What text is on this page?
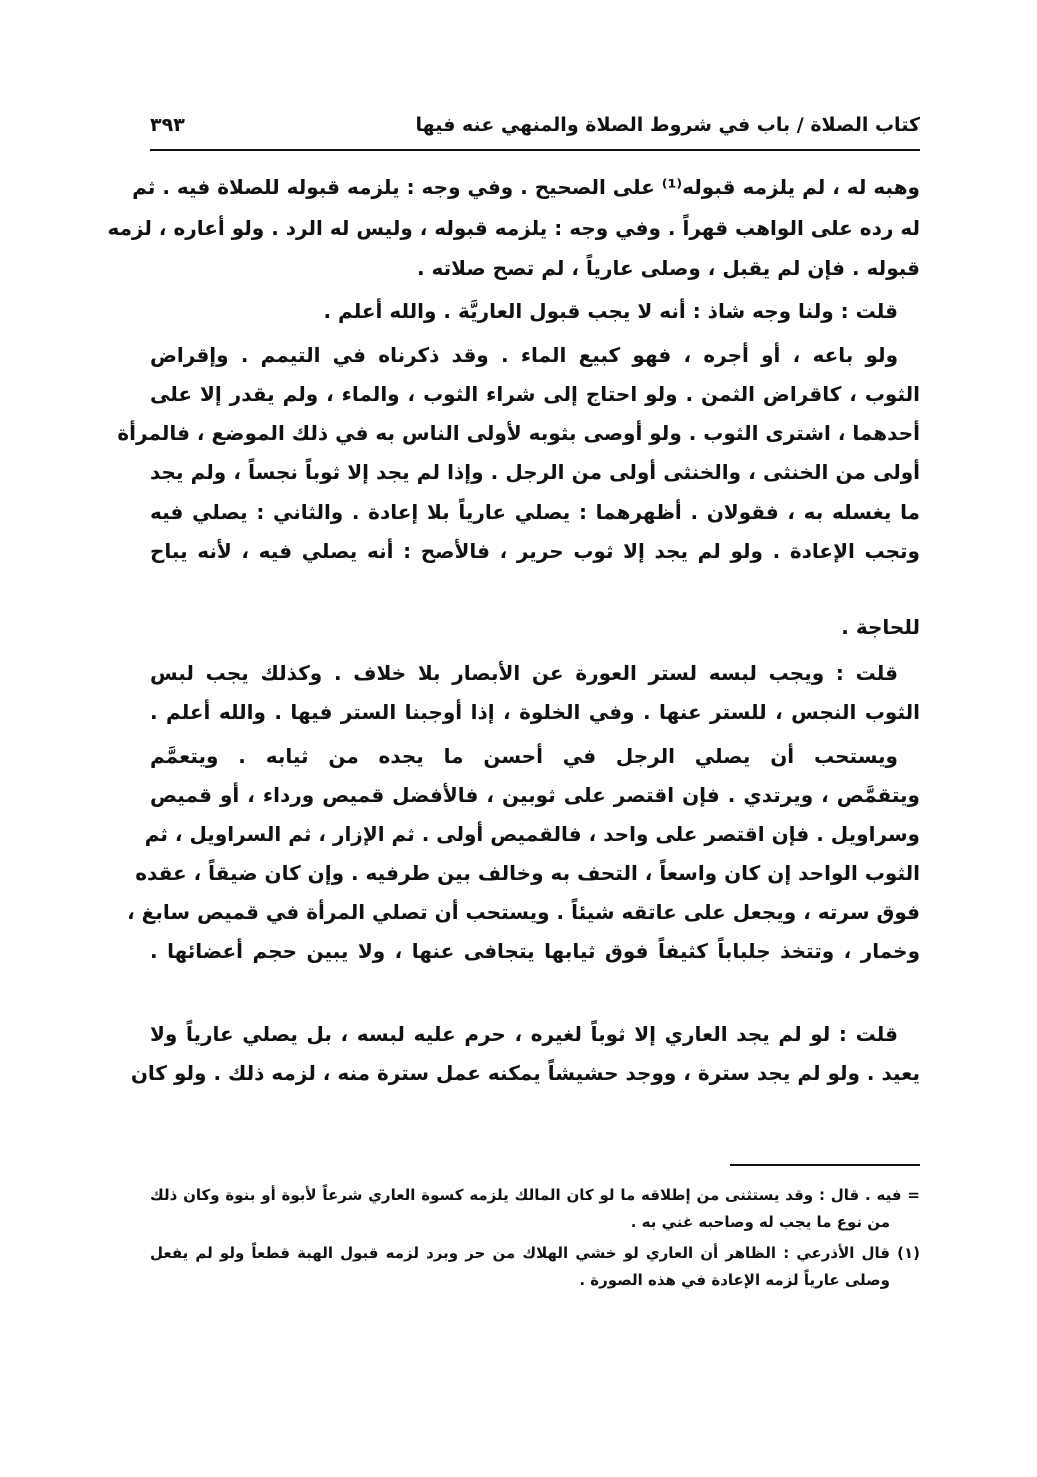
كتاب الصلاة / باب في شروط الصلاة والمنهي عنه فيها
٣٩٣
وهبه له ، لم يلزمه قبوله⁽¹⁾ على الصحيح . وفي وجه : يلزمه قبوله للصلاة فيه . ثم
له رده على الواهب قهراً . وفي وجه : يلزمه قبوله ، وليس له الرد . ولو أعاره ، لزمه
قبوله . فإن لم يقبل ، وصلى عارياً ، لم تصح صلاته .
قلت : ولنا وجه شاذ : أنه لا يجب قبول العاريَّة . والله أعلم .
ولو باعه ، أو أجره ، فهو كبيع الماء . وقد ذكرناه في التيمم . وإقراض
الثوب ، كاقراض الثمن . ولو احتاج إلى شراء الثوب ، والماء ، ولم يقدر إلا على
أحدهما ، اشترى الثوب . ولو أوصى بثوبه لأولى الناس به في ذلك الموضع ، فالمرأة
أولى من الخنثى ، والخنثى أولى من الرجل . وإذا لم يجد إلا ثوباً نجساً ، ولم يجد
ما يغسله به ، فقولان . أظهرهما : يصلي عارياً بلا إعادة . والثاني : يصلي فيه
وتجب الإعادة . ولو لم يجد إلا ثوب حرير ، فالأصح : أنه يصلي فيه ، لأنه يباح
للحاجة .
قلت : ويجب لبسه لستر العورة عن الأبصار بلا خلاف . وكذلك يجب لبس
الثوب النجس ، للستر عنها . وفي الخلوة ، إذا أوجبنا الستر فيها . والله أعلم .
ويستحب أن يصلي الرجل في أحسن ما يجده من ثيابه . ويتعمَّم
ويتقمَّص ، ويرتدي . فإن اقتصر على ثوبين ، فالأفضل قميص ورداء ، أو قميص
وسراويل . فإن اقتصر على واحد ، فالقميص أولى . ثم الإزار ، ثم السراويل ، ثم
الثوب الواحد إن كان واسعاً ، التحف به وخالف بين طرفيه . وإن كان ضيقاً ، عقده
فوق سرته ، ويجعل على عاتقه شيئاً . ويستحب أن تصلي المرأة في قميص سابغ ،
وخمار ، وتتخذ جلباباً كثيفاً فوق ثيابها يتجافى عنها ، ولا يبين حجم أعضائها .
قلت : لو لم يجد العاري إلا ثوباً لغيره ، حرم عليه لبسه ، بل يصلي عارياً ولا
يعيد . ولو لم يجد سترة ، ووجد حشيشاً يمكنه عمل سترة منه ، لزمه ذلك . ولو كان
= فيه . قال : وقد يستثنى من إطلاقه ما لو كان المالك يلزمه كسوة العاري شرعاً لأبوة أو بنوة وكان ذلك
من نوع ما يجب له وصاحبه غني به .
(١) قال الأذرعي : الظاهر أن العاري لو خشي الهلاك من حر وبرد لزمه قبول الهبة قطعاً ولو لم يفعل
وصلى عارياً لزمه الإعادة في هذه الصورة .
